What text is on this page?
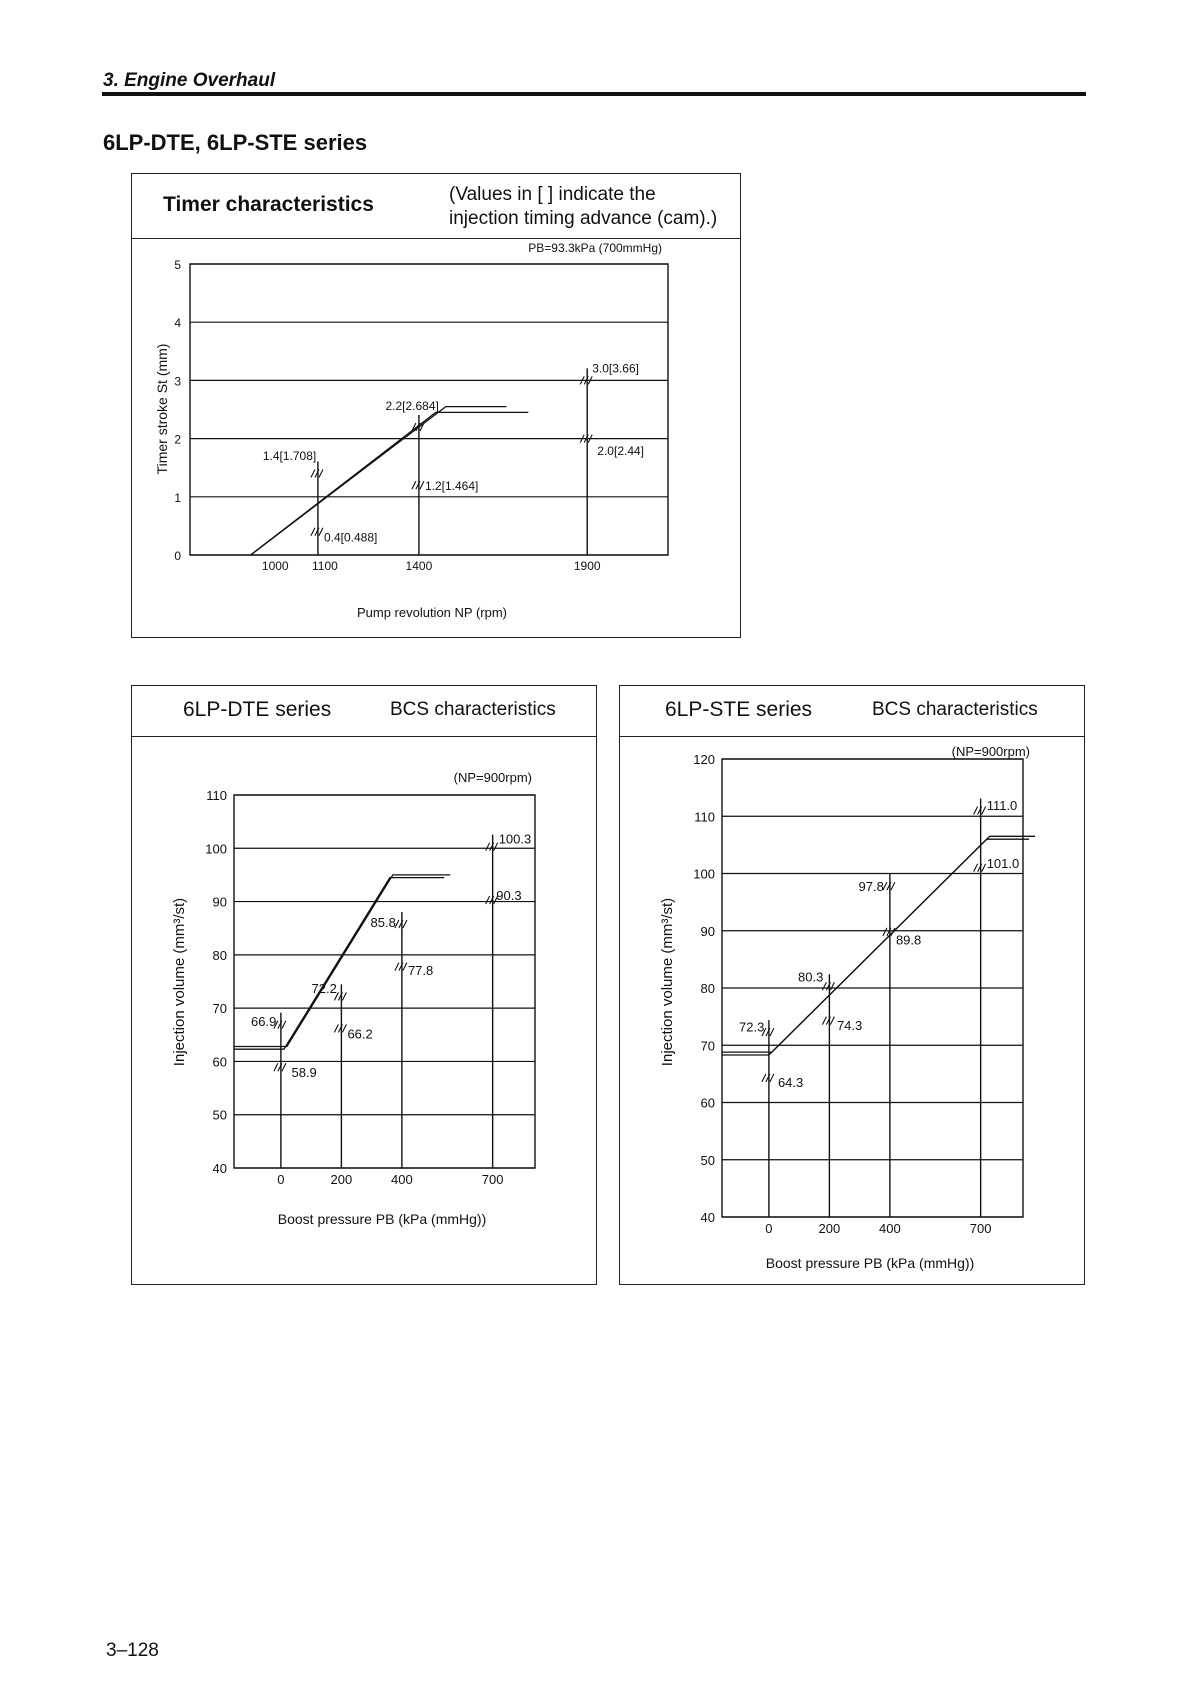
3. Engine Overhaul
6LP-DTE, 6LP-STE series
Timer characteristics	(Values in [ ] indicate the
injection timing advance (cam).)
0
1
2
3
4
5
1000 1100	1400	1900
1.4[1.708]
0.4[0.488]
2.2[2.684]
1.2[1.464]
3.0[3.66]
2.0[2.44]
PB=93.3kPa (700mmHg)
Pump revolution NP (rpm)
Timer stroke St (mm)
6LP-DTE series	BCS characteristics
40
50
60
70
80
90
100
110
0	200	400	700
66.9
58.9
72.2
66.2
85.8
77.8
100.3
90.3
(NP=900rpm)
Boost pressure PB (kPa (mmHg))
Injection volume (mm³/st)
6LP-STE series	BCS characteristics
40
50
60
70
80
90
100
110
120
0	200	400	700
72.3
64.3
80.3
74.3
97.8
89.8
111.0
101.0
(NP=900rpm)
Boost pressure PB (kPa (mmHg))
Injection volume (mm³/st)
3–128
